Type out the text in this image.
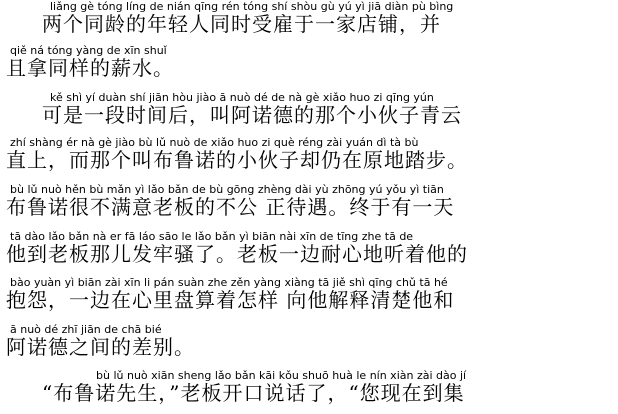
liǎng gè tóng líng de nián qīng rén tóng shí shòu gù yú yì jiā diàn pù bìng
两个同龄的年轻人同时受雇于一家店铺，并
qiě ná tóng yàng de xīn shuǐ
且拿同样的薪水。
kě shì yí duàn shí jiān hòu jiào ā nuò dé de nà gè xiǎo huo zi qīng yún
可是一段时间后，叫阿诺德的那个小伙子青云
zhí shàng ér nà gè jiào bù lǔ nuò de xiǎo huo zi què réng zài yuán dì tà bù
直上，而那个叫布鲁诺的小伙子却仍在原地踏步。
bù lǔ nuò hěn bù mǎn yì lǎo bǎn de bù gōng zhèng dài yù zhōng yú yǒu yì tiān
布鲁诺很不满意老板的不公 正待遇。终于有一天
tā dào lǎo bǎn nà er fā láo sāo le lǎo bǎn yì biān nài xīn de tīng zhe tā de
他到老板那儿发牢骚了。老板一边耐心地听着他的
bào yuàn yì biān zài xīn li pán suàn zhe zěn yàng xiàng tā jiě shì qīng chǔ tā hé
抱怨，一边在心里盘算着怎样 向他解释清楚他和
ā nuò dé zhī jiān de chā bié
阿诺德之间的差别。
bù lǔ nuò xiān sheng lǎo bǎn kāi kǒu shuō huà le nín xiàn zài dào jí
“布鲁诺先生，”老板开口说话了，“您现在到集
